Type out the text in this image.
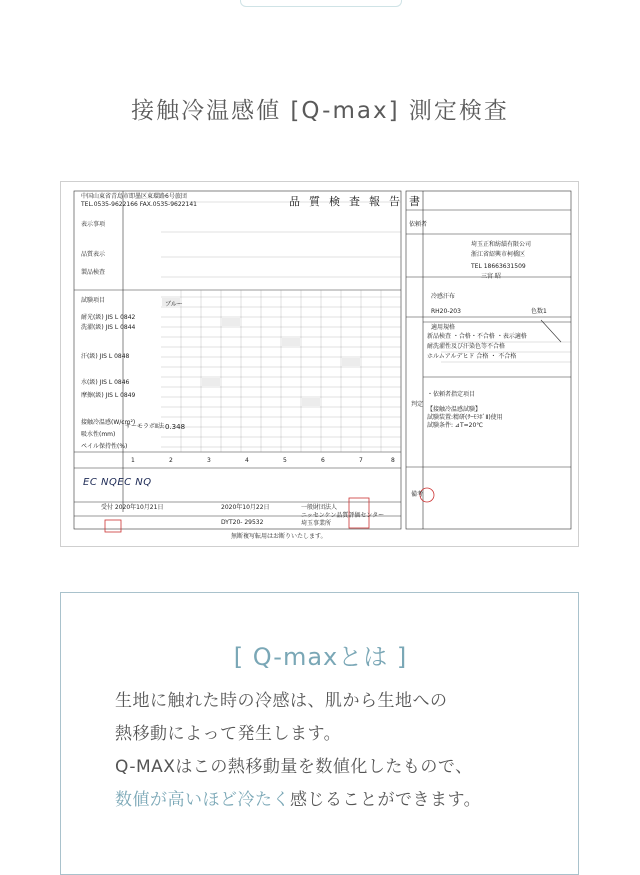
接触冷温感値 [Q-max] 測定検査
品質検査報告書
中国山東省青島市即墨区東環路6号旅団
TEL.0535-9622166 FAX.0535-9622141
表示事項
品質表示
製品検査
試験項目
耐光(級) JIS L 0842
洗濯(級) JIS L 0844
汗(級) JIS L 0848
水(級) JIS L 0846
摩擦(級) JIS L 0849
接触冷温感(W/cm²)
吸水性(mm)
ペイル保持性(%)
サーモラボⅡ法 0.348
ブルー
1	2	3	4	5	6	7	8
EC NQEC NQ
受付 2020年10月21日	2020年10月22日
DYT20- 29532
一般財団法人
ニッセンケン品質評価センター
埼玉事業所
無断複写転用はお断りいたします。
依頼者
埼玉正和紡績有限公司
浙江省紹興市柯橋区
TEL 18663631509
三宮 昭
冷感汗布
RH20-203	色数1
適用規格
新品検査 ・合格・不合格 ・表示適格
耐洗濯性及び汗染色等不合格
ホルムアルデヒド 合格 ・ 不合格
・依頼者指定項目
【接触冷温感試験】
試験装置:精研(ｻｰﾓﾗﾎﾞⅡ)使用
試験条件: ⊿T=20℃
判定
備考
[ Q-maxとは ]
生地に触れた時の冷感は、肌から生地への
熱移動によって発生します。
Q-MAXはこの熱移動量を数値化したもので、
数値が高いほど冷たく感じることができます。
